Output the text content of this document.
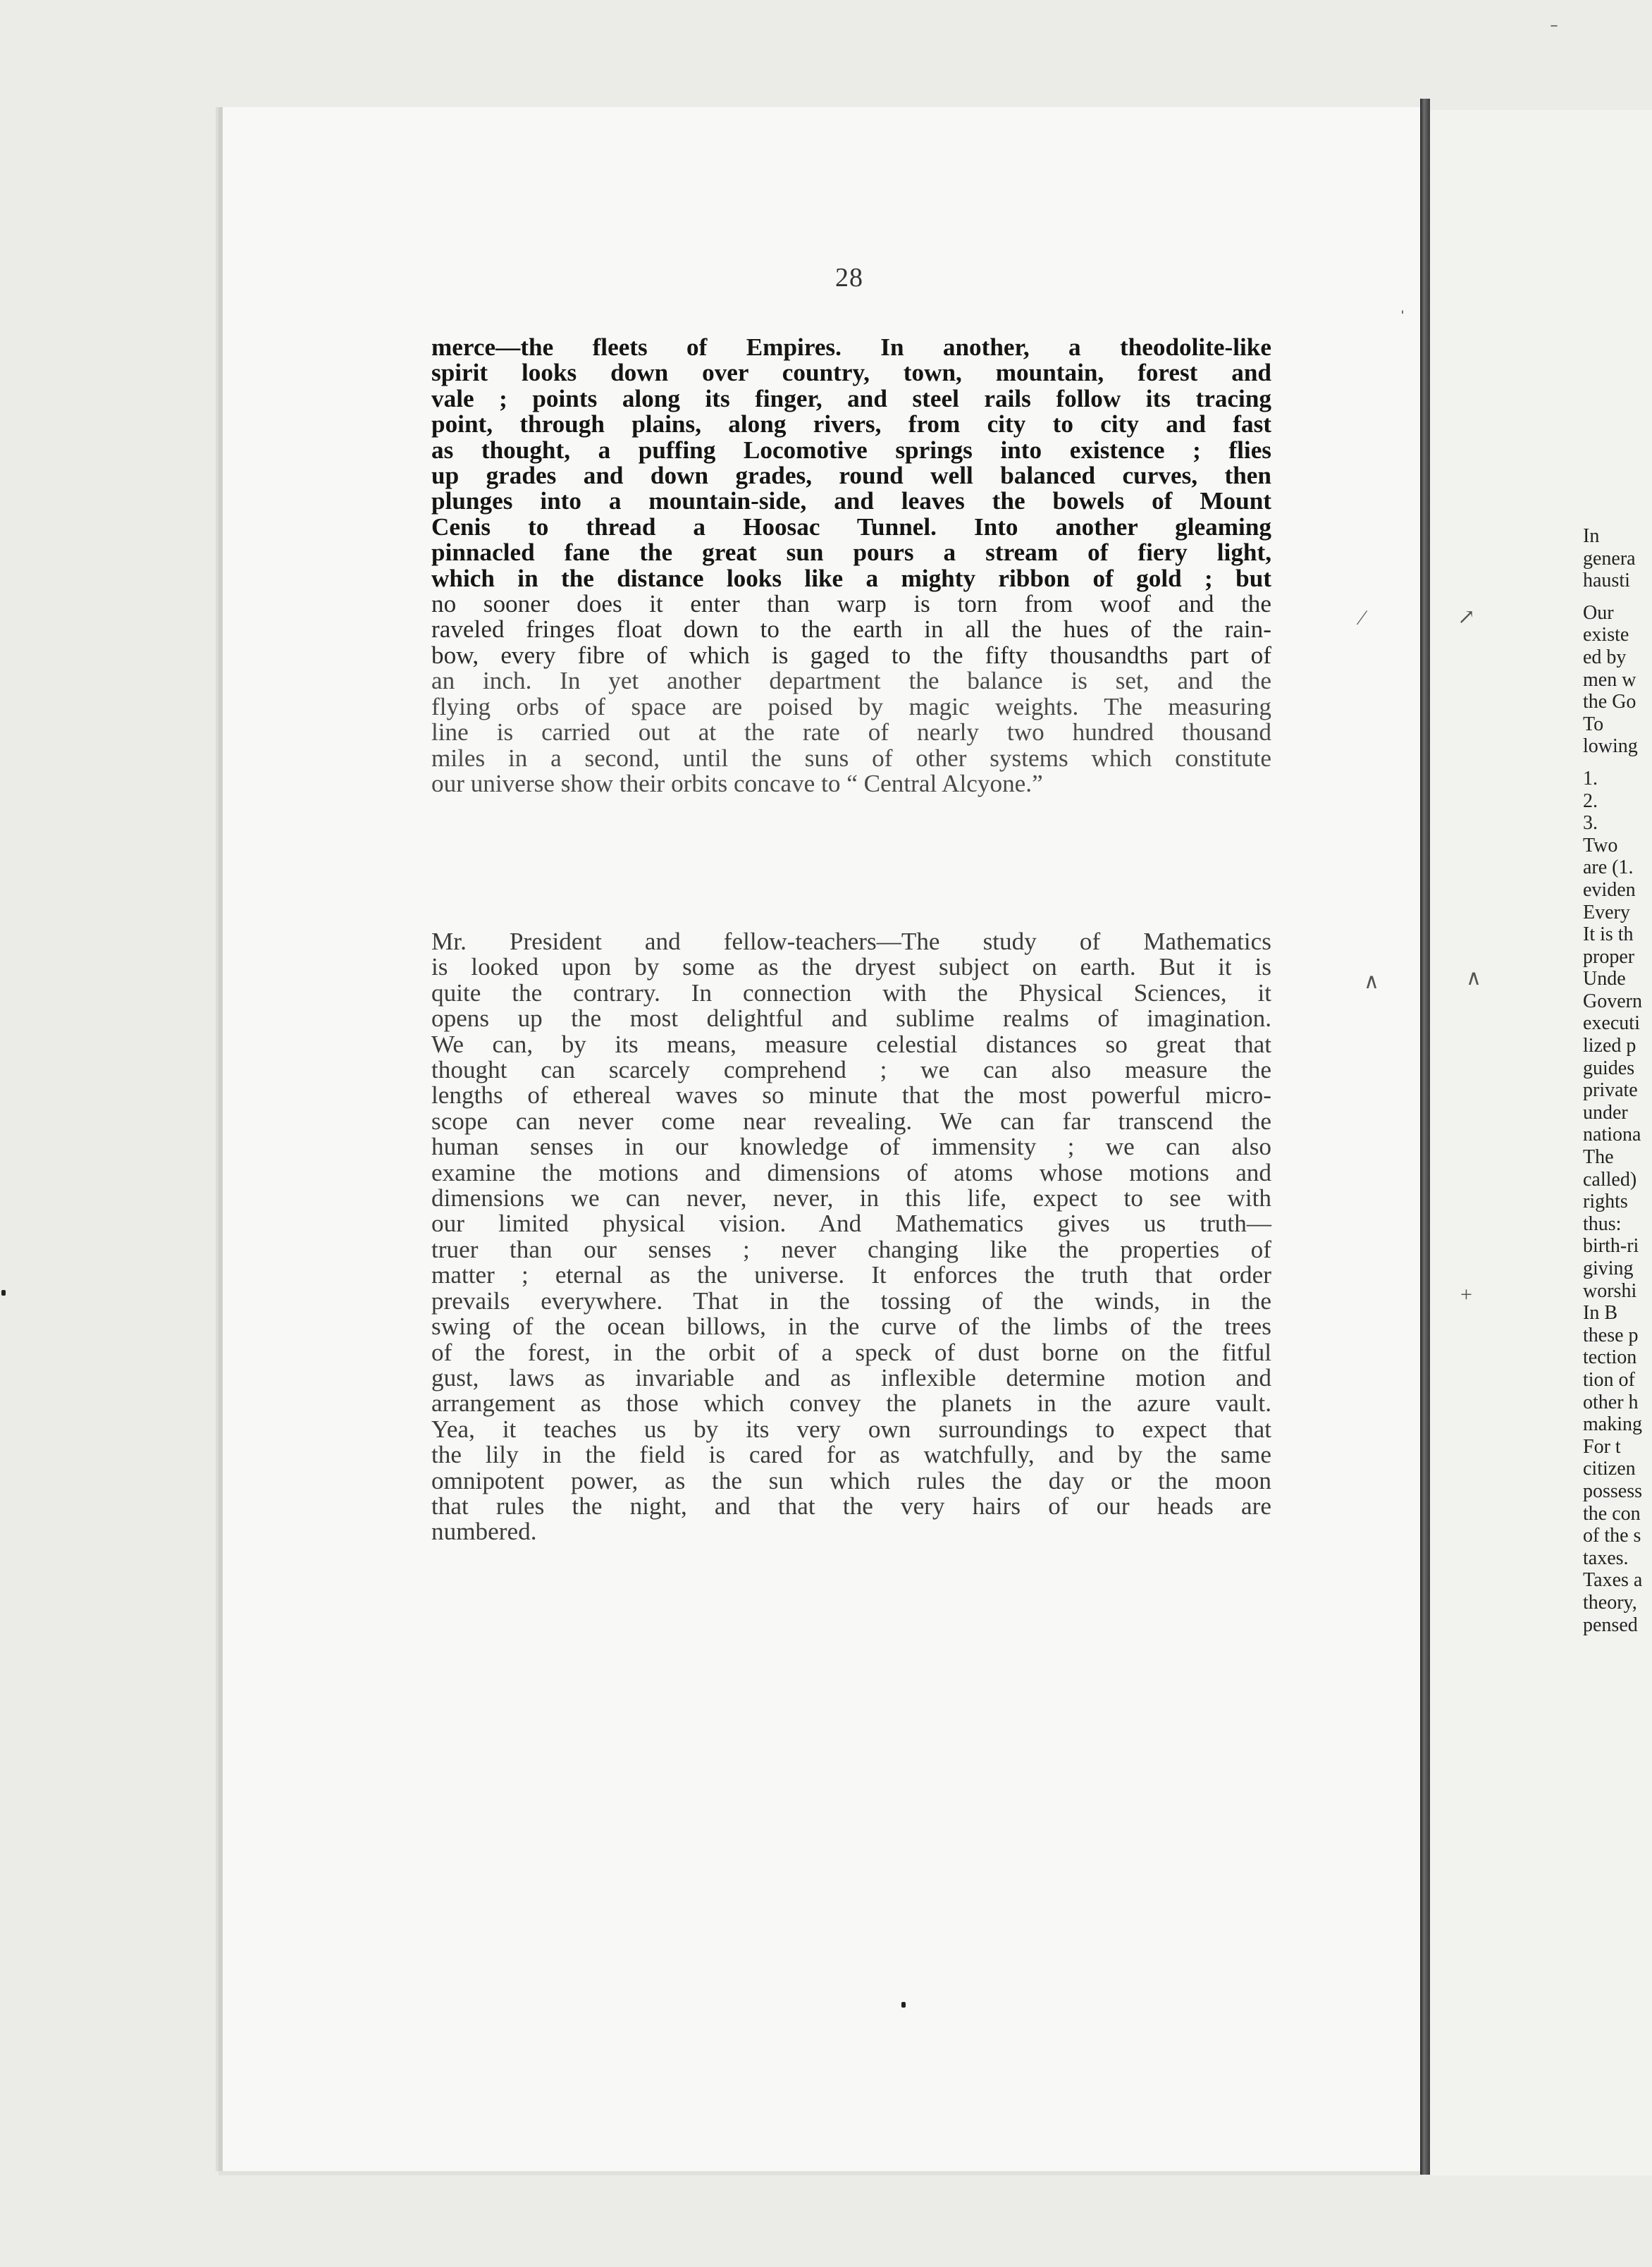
28

merce—the fleets of Empires. In another, a theodolite-like
spirit looks down over country, town, mountain, forest and
vale ; points along its finger, and steel rails follow its tracing
point, through plains, along rivers, from city to city and fast
as thought, a puffing Locomotive springs into existence ; flies
up grades and down grades, round well balanced curves, then
plunges into a mountain-side, and leaves the bowels of Mount
Cenis to thread a Hoosac Tunnel. Into another gleaming
pinnacled fane the great sun pours a stream of fiery light,
which in the distance looks like a mighty ribbon of gold ; but
no sooner does it enter than warp is torn from woof and the
raveled fringes float down to the earth in all the hues of the rain-
bow, every fibre of which is gaged to the fifty thousandths part of
an inch. In yet another department the balance is set, and the
flying orbs of space are poised by magic weights. The measuring
line is carried out at the rate of nearly two hundred thousand
miles in a second, until the suns of other systems which constitute
our universe show their orbits concave to “ Central Alcyone.”

Mr. President and fellow-teachers—The study of Mathematics
is looked upon by some as the dryest subject on earth. But it is
quite the contrary. In connection with the Physical Sciences, it
opens up the most delightful and sublime realms of imagination.
We can, by its means, measure celestial distances so great that
thought can scarcely comprehend ; we can also measure the
lengths of ethereal waves so minute that the most powerful micro-
scope can never come near revealing. We can far transcend the
human senses in our knowledge of immensity ; we can also
examine the motions and dimensions of atoms whose motions and
dimensions we can never, never, in this life, expect to see with
our limited physical vision. And Mathematics gives us truth—
truer than our senses ; never changing like the properties of
matter ; eternal as the universe. It enforces the truth that order
prevails everywhere. That in the tossing of the winds, in the
swing of the ocean billows, in the curve of the limbs of the trees
of the forest, in the orbit of a speck of dust borne on the fitful
gust, laws as invariable and as inflexible determine motion and
arrangement as those which convey the planets in the azure vault.
Yea, it teaches us by its very own surroundings to expect that
the lily in the field is cared for as watchfully, and by the same
omnipotent power, as the sun which rules the day or the moon
that rules the night, and that the very hairs of our heads are
numbered.

In
genera
hausti
Our
existe
ed by
men w
the Go
To
lowing
1.
2.
3.
Two
are (1.
eviden
Every
It is th
proper
Unde
Govern
executi
lized p
guides
private
under
nationa
The
called)
rights
thus:
birth-ri
giving
worshi
In B
these p
tection
tion of
other h
making
For t
citizen
possess
the con
of the s
taxes.
Taxes a
theory,
pensed
ˈ
∕	↗
∧	∧
+
ˉ
